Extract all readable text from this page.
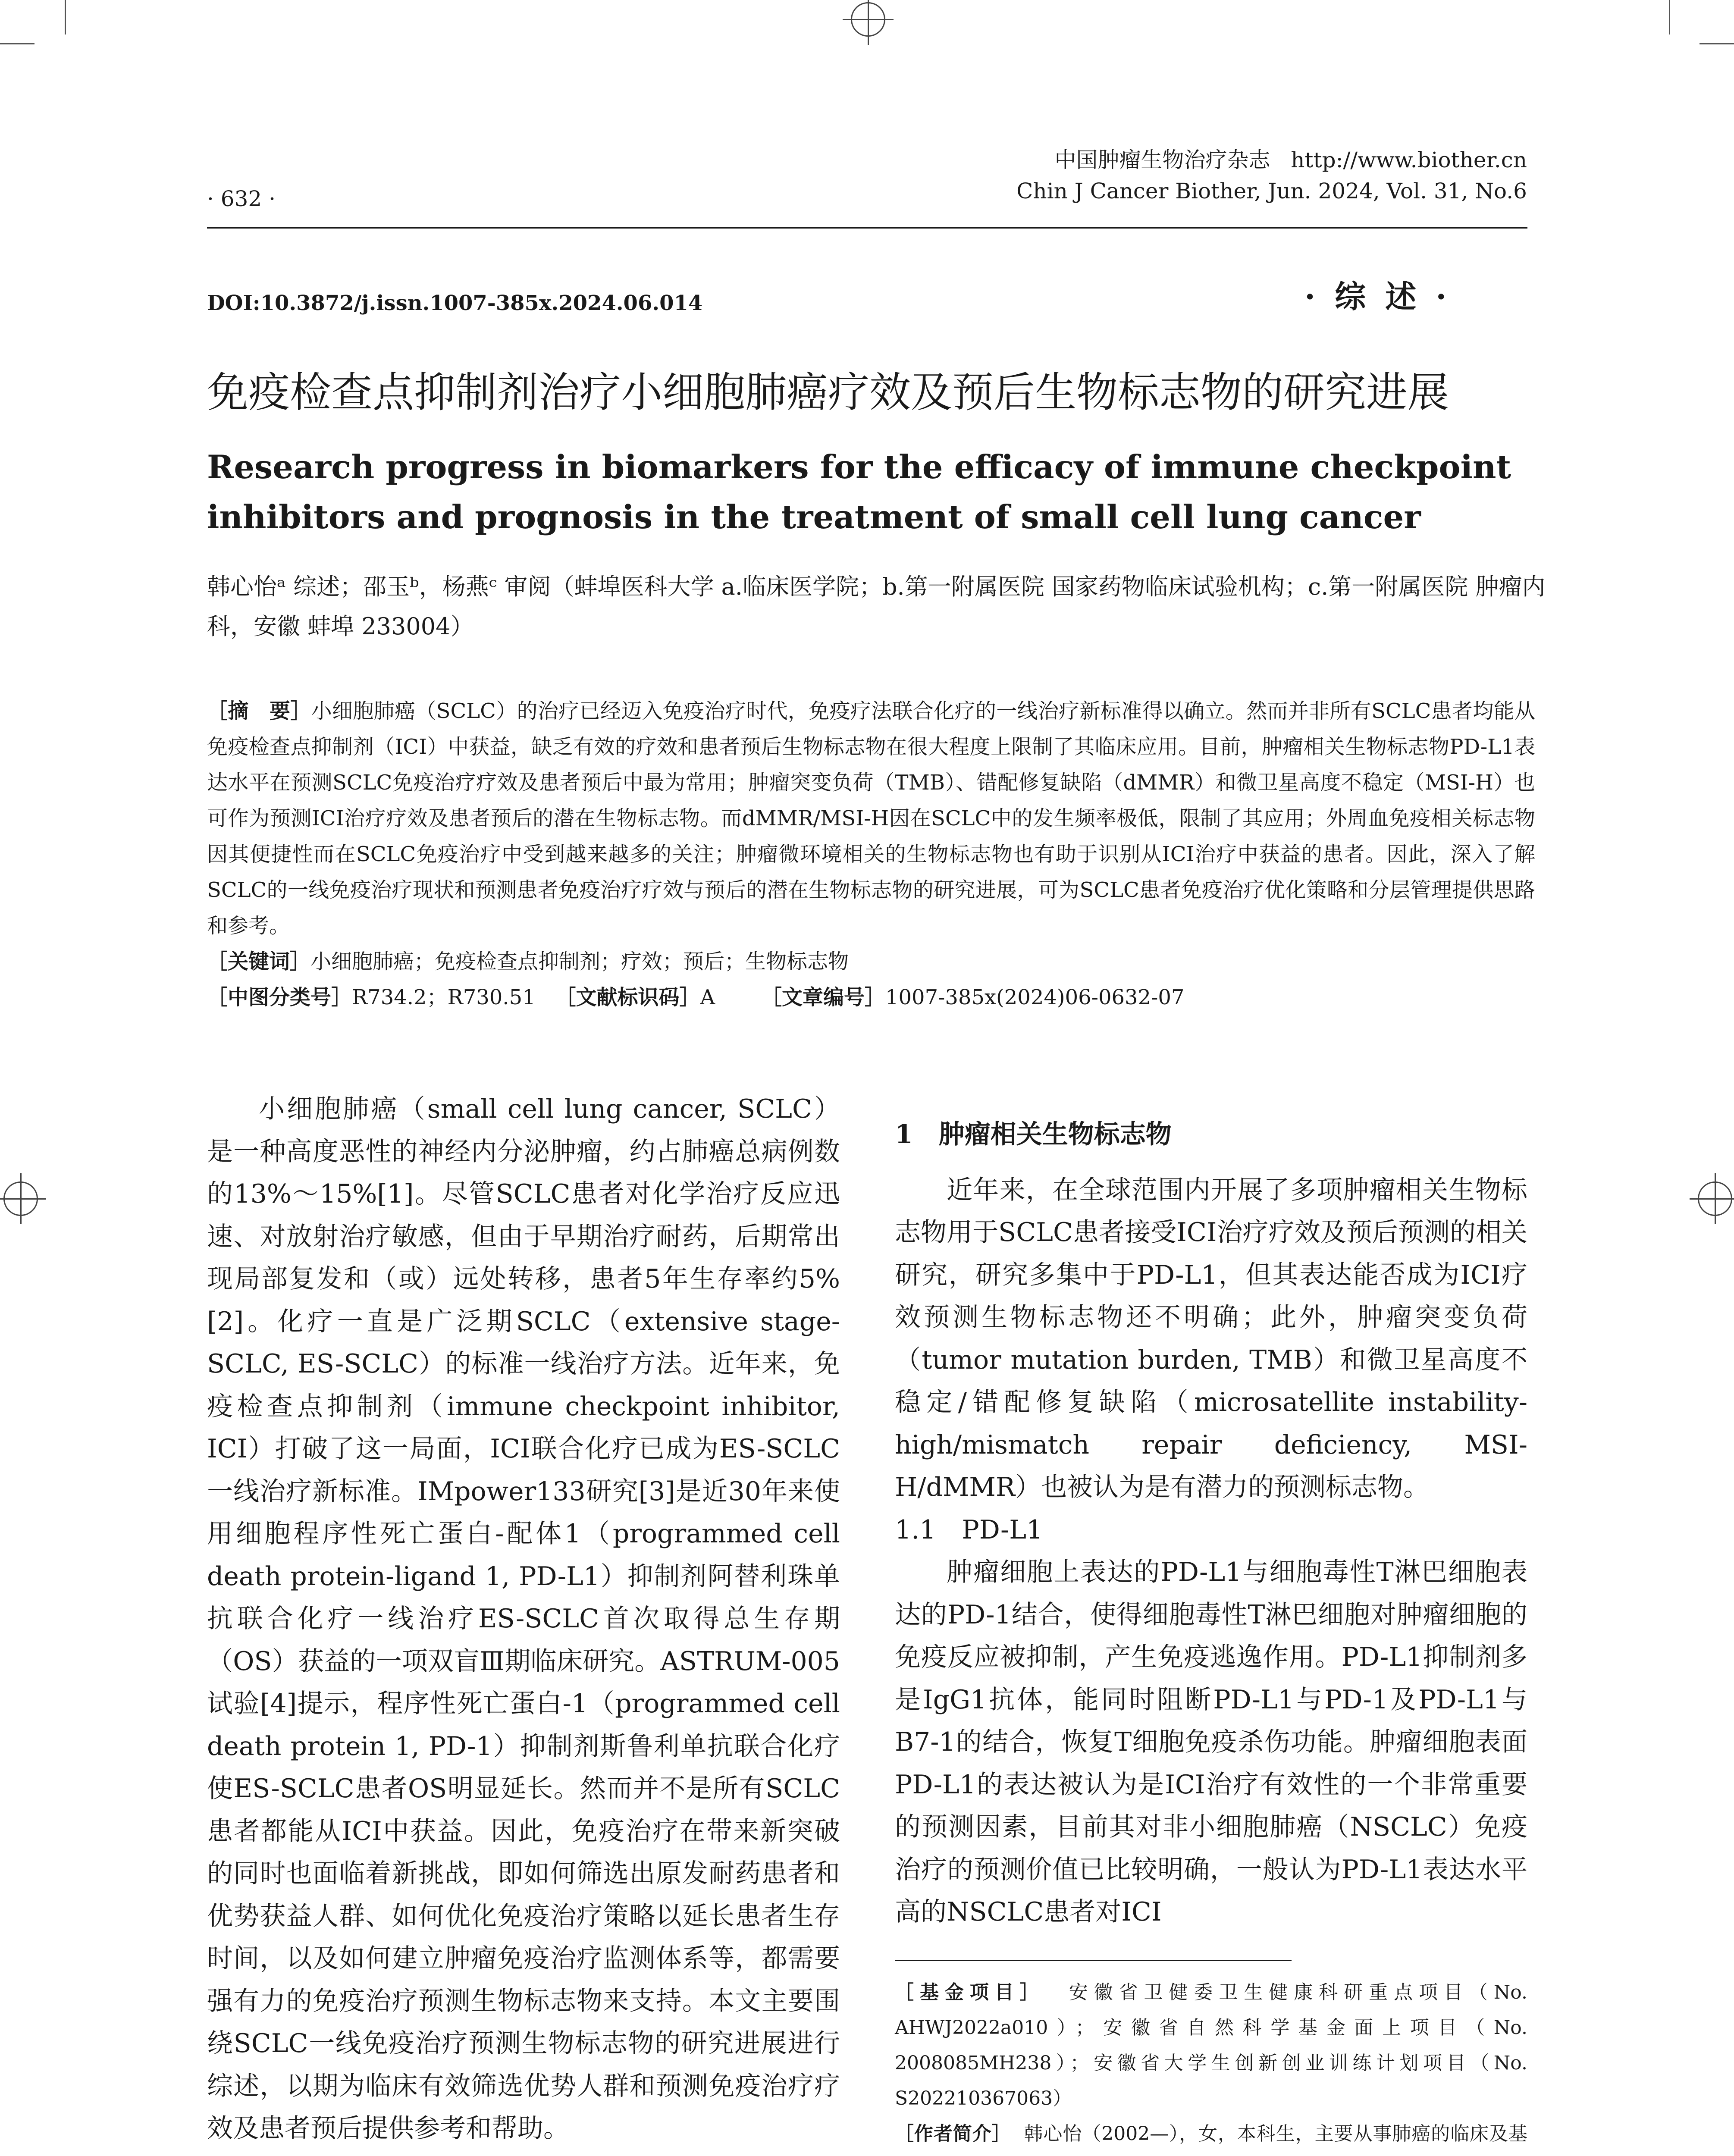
· 632 ·
中国肿瘤生物治疗杂志 http://www.biother.cn
Chin J Cancer Biother, Jun. 2024, Vol. 31, No.6
DOI:10.3872/j.issn.1007-385x.2024.06.014	· 综 述 ·
免疫检查点抑制剂治疗小细胞肺癌疗效及预后生物标志物的研究进展
Research progress in biomarkers for the efficacy of immune checkpoint inhibitors and prognosis in the treatment of small cell lung cancer
韩心怡ᵃ 综述；邵玉ᵇ，杨燕ᶜ 审阅（蚌埠医科大学 a.临床医学院；b.第一附属医院 国家药物临床试验机构；c.第一附属医院 肿瘤内科，安徽 蚌埠 233004）
［摘　要］小细胞肺癌（SCLC）的治疗已经迈入免疫治疗时代，免疫疗法联合化疗的一线治疗新标准得以确立。然而并非所有SCLC患者均能从免疫检查点抑制剂（ICI）中获益，缺乏有效的疗效和患者预后生物标志物在很大程度上限制了其临床应用。目前，肿瘤相关生物标志物PD-L1表达水平在预测SCLC免疫治疗疗效及患者预后中最为常用；肿瘤突变负荷（TMB）、错配修复缺陷（dMMR）和微卫星高度不稳定（MSI-H）也可作为预测ICI治疗疗效及患者预后的潜在生物标志物。而dMMR/MSI-H因在SCLC中的发生频率极低，限制了其应用；外周血免疫相关标志物因其便捷性而在SCLC免疫治疗中受到越来越多的关注；肿瘤微环境相关的生物标志物也有助于识别从ICI治疗中获益的患者。因此，深入了解SCLC的一线免疫治疗现状和预测患者免疫治疗疗效与预后的潜在生物标志物的研究进展，可为SCLC患者免疫治疗优化策略和分层管理提供思路和参考。
［关键词］小细胞肺癌；免疫检查点抑制剂；疗效；预后；生物标志物
［中图分类号］R734.2；R730.51 ［文献标识码］A ［文章编号］1007-385x(2024)06-0632-07

小细胞肺癌（small cell lung cancer, SCLC）是一种高度恶性的神经内分泌肿瘤，约占肺癌总病例数的13%～15%[1]。尽管SCLC患者对化学治疗反应迅速、对放射治疗敏感，但由于早期治疗耐药，后期常出现局部复发和（或）远处转移，患者5年生存率约5%[2]。化疗一直是广泛期SCLC（extensive stage-SCLC, ES-SCLC）的标准一线治疗方法。近年来，免疫检查点抑制剂（immune checkpoint inhibitor, ICI）打破了这一局面，ICI联合化疗已成为ES-SCLC一线治疗新标准。IMpower133研究[3]是近30年来使用细胞程序性死亡蛋白-配体1（programmed cell death protein-ligand 1, PD-L1）抑制剂阿替利珠单抗联合化疗一线治疗ES-SCLC首次取得总生存期（OS）获益的一项双盲Ⅲ期临床研究。ASTRUM-005试验[4]提示，程序性死亡蛋白-1（programmed cell death protein 1, PD-1）抑制剂斯鲁利单抗联合化疗使ES-SCLC患者OS明显延长。然而并不是所有SCLC患者都能从ICI中获益。因此，免疫治疗在带来新突破的同时也面临着新挑战，即如何筛选出原发耐药患者和优势获益人群、如何优化免疫治疗策略以延长患者生存时间，以及如何建立肿瘤免疫治疗监测体系等，都需要强有力的免疫治疗预测生物标志物来支持。本文主要围绕SCLC一线免疫治疗预测生物标志物的研究进展进行综述，以期为临床有效筛选优势人群和预测免疫治疗疗效及患者预后提供参考和帮助。

1　肿瘤相关生物标志物

近年来，在全球范围内开展了多项肿瘤相关生物标志物用于SCLC患者接受ICI治疗疗效及预后预测的相关研究，研究多集中于PD-L1，但其表达能否成为ICI疗效预测生物标志物还不明确；此外，肿瘤突变负荷（tumor mutation burden, TMB）和微卫星高度不稳定/错配修复缺陷（microsatellite instability-high/mismatch repair deficiency, MSI-H/dMMR）也被认为是有潜力的预测标志物。

1.1　PD-L1

肿瘤细胞上表达的PD-L1与细胞毒性T淋巴细胞表达的PD-1结合，使得细胞毒性T淋巴细胞对肿瘤细胞的免疫反应被抑制，产生免疫逃逸作用。PD-L1抑制剂多是IgG1抗体，能同时阻断PD-L1与PD-1及PD-L1与B7-1的结合，恢复T细胞免疫杀伤功能。肿瘤细胞表面PD-L1的表达被认为是ICI治疗有效性的一个非常重要的预测因素，目前其对非小细胞肺癌（NSCLC）免疫治疗的预测价值已比较明确，一般认为PD-L1表达水平高的NSCLC患者对ICI

［基金项目］ 安徽省卫健委卫生健康科研重点项目（No. AHWJ2022a010）；安徽省自然科学基金面上项目（No. 2008085MH238）；安徽省大学生创新创业训练计划项目（No. S202210367063）
［作者简介］ 韩心怡（2002—），女，本科生，主要从事肺癌的临床及基
